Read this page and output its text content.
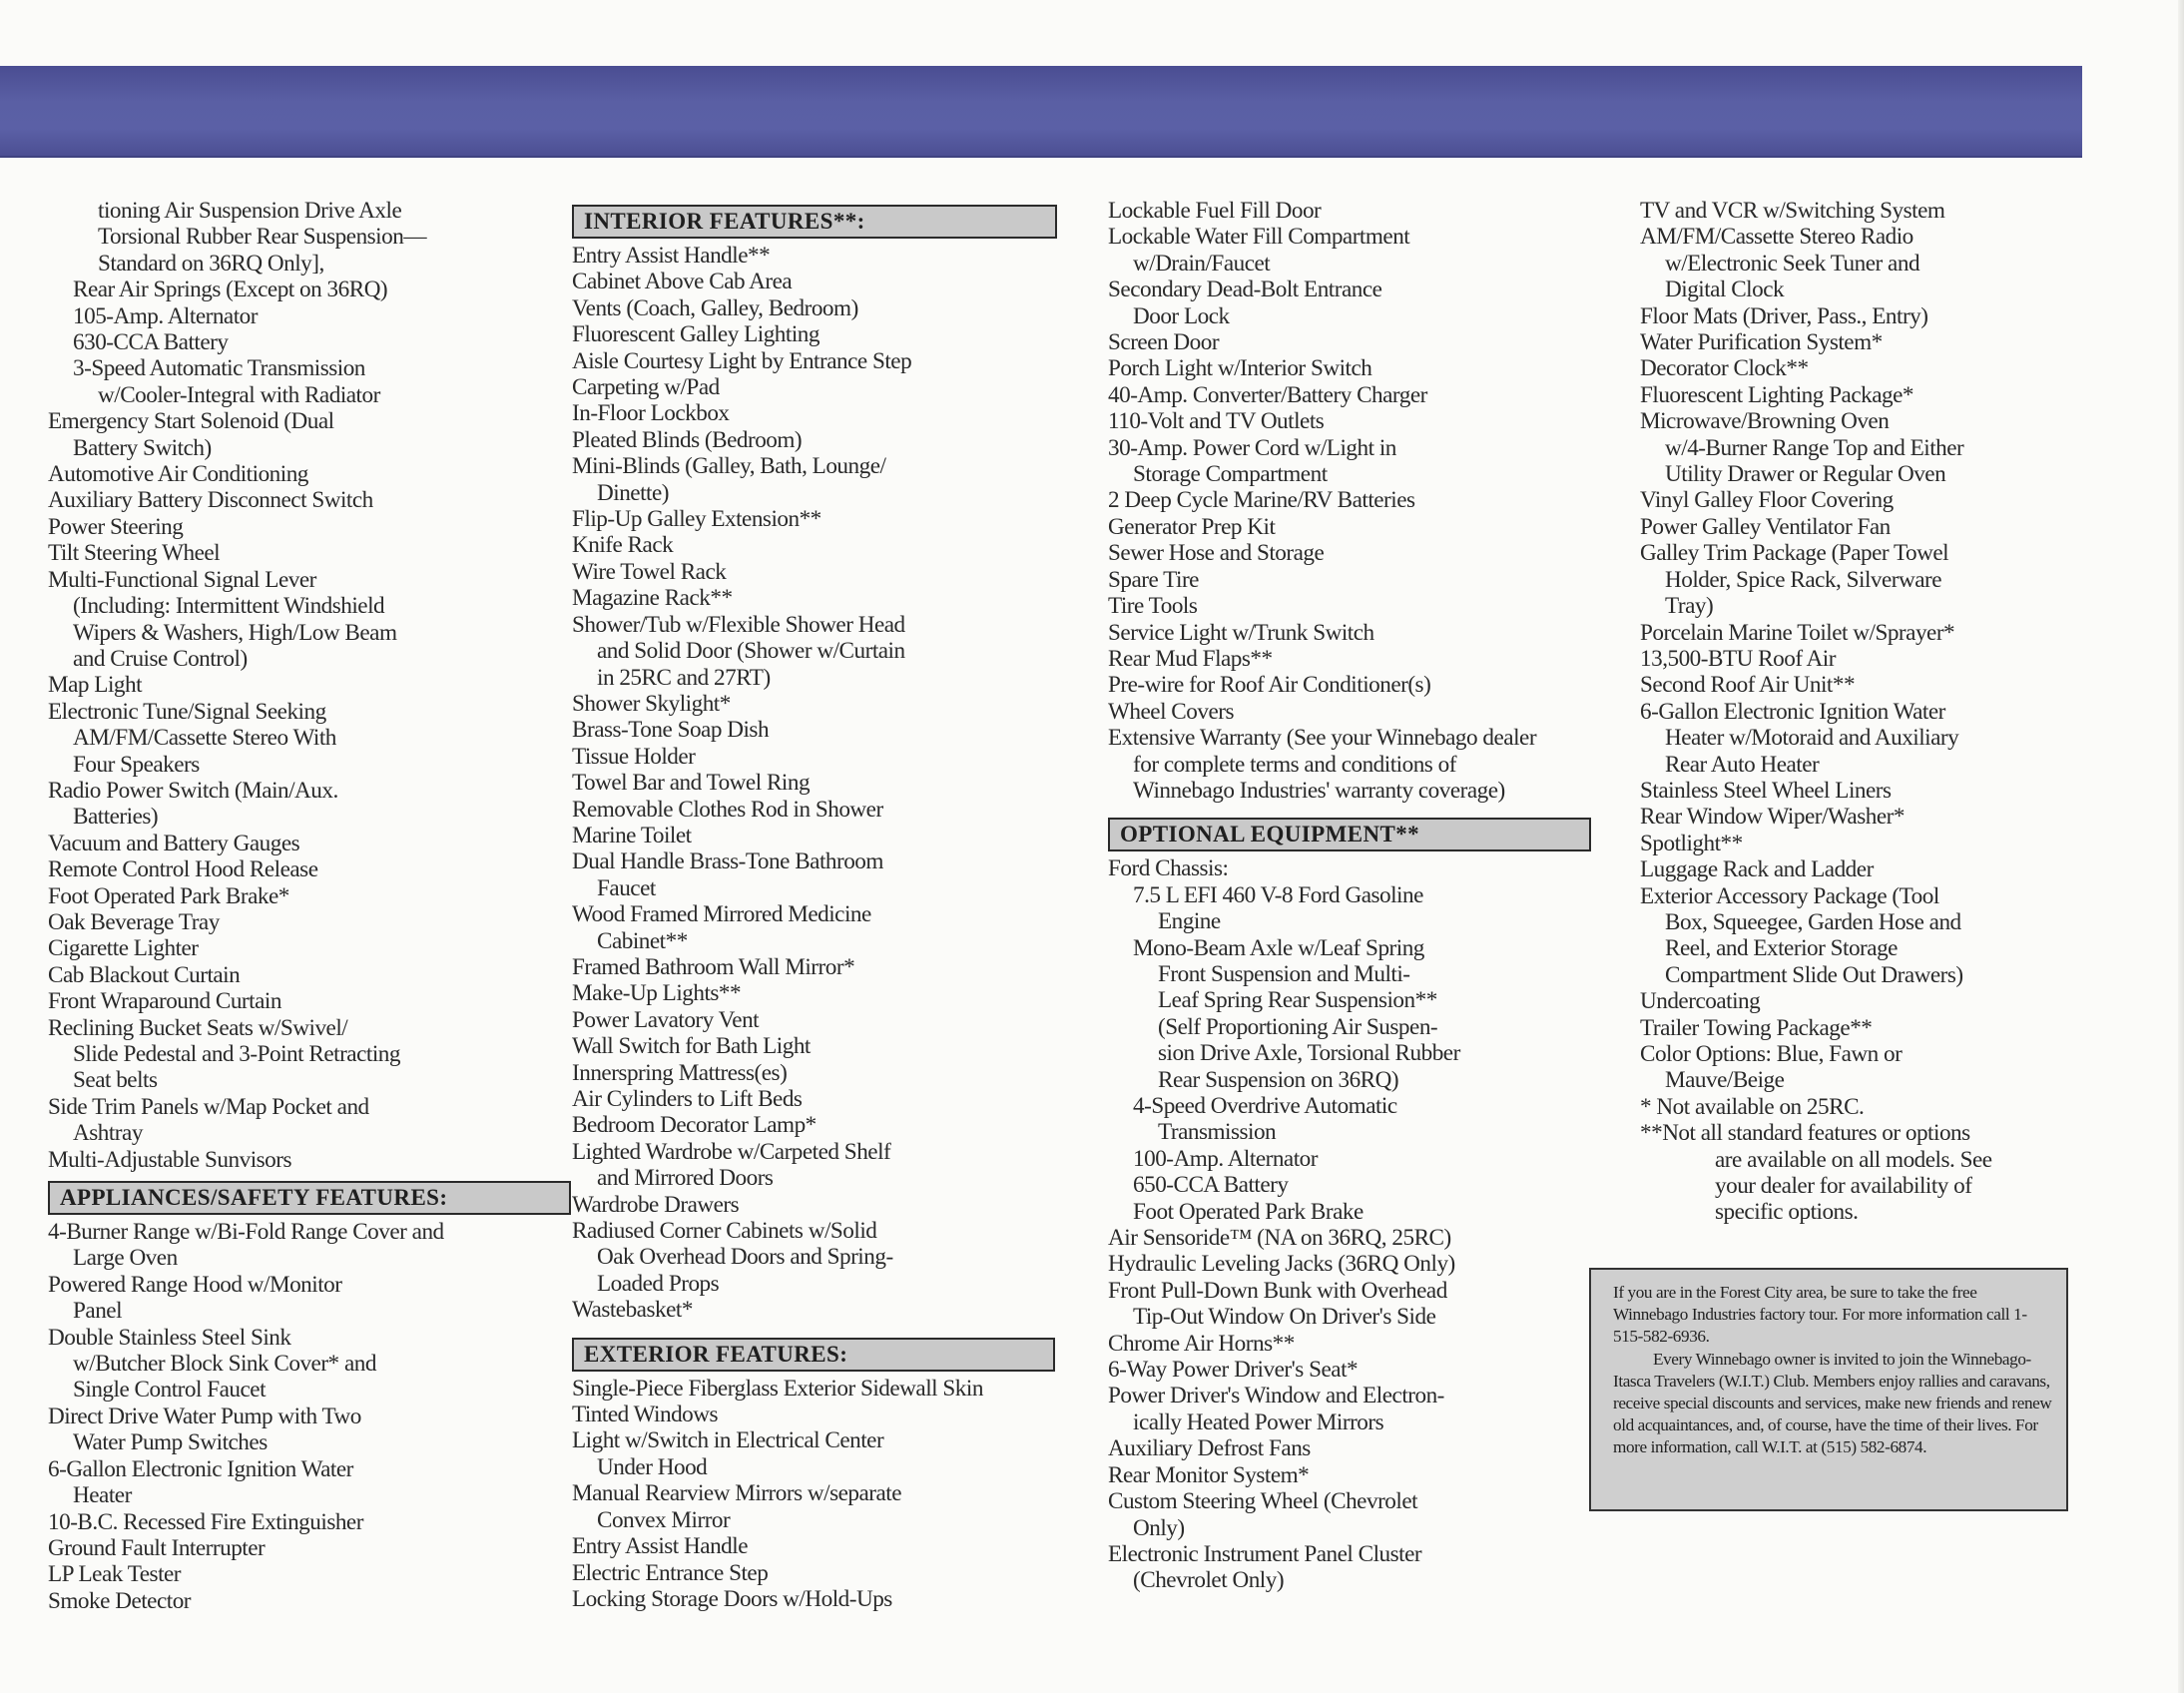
tioning Air Suspension Drive Axle
Torsional Rubber Rear Suspension—
Standard on 36RQ Only],
Rear Air Springs (Except on 36RQ)
105-Amp. Alternator
630-CCA Battery
3-Speed Automatic Transmission
w/Cooler-Integral with Radiator
Emergency Start Solenoid (Dual
Battery Switch)
Automotive Air Conditioning
Auxiliary Battery Disconnect Switch
Power Steering
Tilt Steering Wheel
Multi-Functional Signal Lever
(Including: Intermittent Windshield
Wipers & Washers, High/Low Beam
and Cruise Control)
Map Light
Electronic Tune/Signal Seeking
AM/FM/Cassette Stereo With
Four Speakers
Radio Power Switch (Main/Aux.
Batteries)
Vacuum and Battery Gauges
Remote Control Hood Release
Foot Operated Park Brake*
Oak Beverage Tray
Cigarette Lighter
Cab Blackout Curtain
Front Wraparound Curtain
Reclining Bucket Seats w/Swivel/
Slide Pedestal and 3-Point Retracting
Seat belts
Side Trim Panels w/Map Pocket and
Ashtray
Multi-Adjustable Sunvisors
APPLIANCES/SAFETY FEATURES:
4-Burner Range w/Bi-Fold Range Cover and
Large Oven
Powered Range Hood w/Monitor
Panel
Double Stainless Steel Sink
w/Butcher Block Sink Cover* and
Single Control Faucet
Direct Drive Water Pump with Two
Water Pump Switches
6-Gallon Electronic Ignition Water
Heater
10-B.C. Recessed Fire Extinguisher
Ground Fault Interrupter
LP Leak Tester
Smoke Detector
INTERIOR FEATURES**:
Entry Assist Handle**
Cabinet Above Cab Area
Vents (Coach, Galley, Bedroom)
Fluorescent Galley Lighting
Aisle Courtesy Light by Entrance Step
Carpeting w/Pad
In-Floor Lockbox
Pleated Blinds (Bedroom)
Mini-Blinds (Galley, Bath, Lounge/
Dinette)
Flip-Up Galley Extension**
Knife Rack
Wire Towel Rack
Magazine Rack**
Shower/Tub w/Flexible Shower Head
and Solid Door (Shower w/Curtain
in 25RC and 27RT)
Shower Skylight*
Brass-Tone Soap Dish
Tissue Holder
Towel Bar and Towel Ring
Removable Clothes Rod in Shower
Marine Toilet
Dual Handle Brass-Tone Bathroom
Faucet
Wood Framed Mirrored Medicine
Cabinet**
Framed Bathroom Wall Mirror*
Make-Up Lights**
Power Lavatory Vent
Wall Switch for Bath Light
Innerspring Mattress(es)
Air Cylinders to Lift Beds
Bedroom Decorator Lamp*
Lighted Wardrobe w/Carpeted Shelf
and Mirrored Doors
Wardrobe Drawers
Radiused Corner Cabinets w/Solid
Oak Overhead Doors and Spring-
Loaded Props
Wastebasket*
EXTERIOR FEATURES:
Single-Piece Fiberglass Exterior Sidewall Skin
Tinted Windows
Light w/Switch in Electrical Center
Under Hood
Manual Rearview Mirrors w/separate
Convex Mirror
Entry Assist Handle
Electric Entrance Step
Locking Storage Doors w/Hold-Ups
Lockable Fuel Fill Door
Lockable Water Fill Compartment
w/Drain/Faucet
Secondary Dead-Bolt Entrance
Door Lock
Screen Door
Porch Light w/Interior Switch
40-Amp. Converter/Battery Charger
110-Volt and TV Outlets
30-Amp. Power Cord w/Light in
Storage Compartment
2 Deep Cycle Marine/RV Batteries
Generator Prep Kit
Sewer Hose and Storage
Spare Tire
Tire Tools
Service Light w/Trunk Switch
Rear Mud Flaps**
Pre-wire for Roof Air Conditioner(s)
Wheel Covers
Extensive Warranty (See your Winnebago dealer
for complete terms and conditions of
Winnebago Industries' warranty coverage)
OPTIONAL EQUIPMENT**
Ford Chassis:
7.5 L EFI 460 V-8 Ford Gasoline
Engine
Mono-Beam Axle w/Leaf Spring
Front Suspension and Multi-
Leaf Spring Rear Suspension**
(Self Proportioning Air Suspen-
sion Drive Axle, Torsional Rubber
Rear Suspension on 36RQ)
4-Speed Overdrive Automatic
Transmission
100-Amp. Alternator
650-CCA Battery
Foot Operated Park Brake
Air Sensoride™ (NA on 36RQ, 25RC)
Hydraulic Leveling Jacks (36RQ Only)
Front Pull-Down Bunk with Overhead
Tip-Out Window On Driver's Side
Chrome Air Horns**
6-Way Power Driver's Seat*
Power Driver's Window and Electron-
ically Heated Power Mirrors
Auxiliary Defrost Fans
Rear Monitor System*
Custom Steering Wheel (Chevrolet
Only)
Electronic Instrument Panel Cluster
(Chevrolet Only)
TV and VCR w/Switching System
AM/FM/Cassette Stereo Radio
w/Electronic Seek Tuner and
Digital Clock
Floor Mats (Driver, Pass., Entry)
Water Purification System*
Decorator Clock**
Fluorescent Lighting Package*
Microwave/Browning Oven
w/4-Burner Range Top and Either
Utility Drawer or Regular Oven
Vinyl Galley Floor Covering
Power Galley Ventilator Fan
Galley Trim Package (Paper Towel
Holder, Spice Rack, Silverware
Tray)
Porcelain Marine Toilet w/Sprayer*
13,500-BTU Roof Air
Second Roof Air Unit**
6-Gallon Electronic Ignition Water
Heater w/Motoraid and Auxiliary
Rear Auto Heater
Stainless Steel Wheel Liners
Rear Window Wiper/Washer*
Spotlight**
Luggage Rack and Ladder
Exterior Accessory Package (Tool
Box, Squeegee, Garden Hose and
Reel, and Exterior Storage
Compartment Slide Out Drawers)
Undercoating
Trailer Towing Package**
Color Options: Blue, Fawn or
Mauve/Beige
* Not available on 25RC.
**Not all standard features or options
are available on all models. See
your dealer for availability of
specific options.

If you are in the Forest City area, be sure to take the free Winnebago Industries factory tour. For more information call 1-515-582-6936.

Every Winnebago owner is invited to join the Winnebago-Itasca Travelers (W.I.T.) Club. Members enjoy rallies and caravans, receive special discounts and services, make new friends and renew old acquaintances, and, of course, have the time of their lives. For more information, call W.I.T. at (515) 582-6874.
